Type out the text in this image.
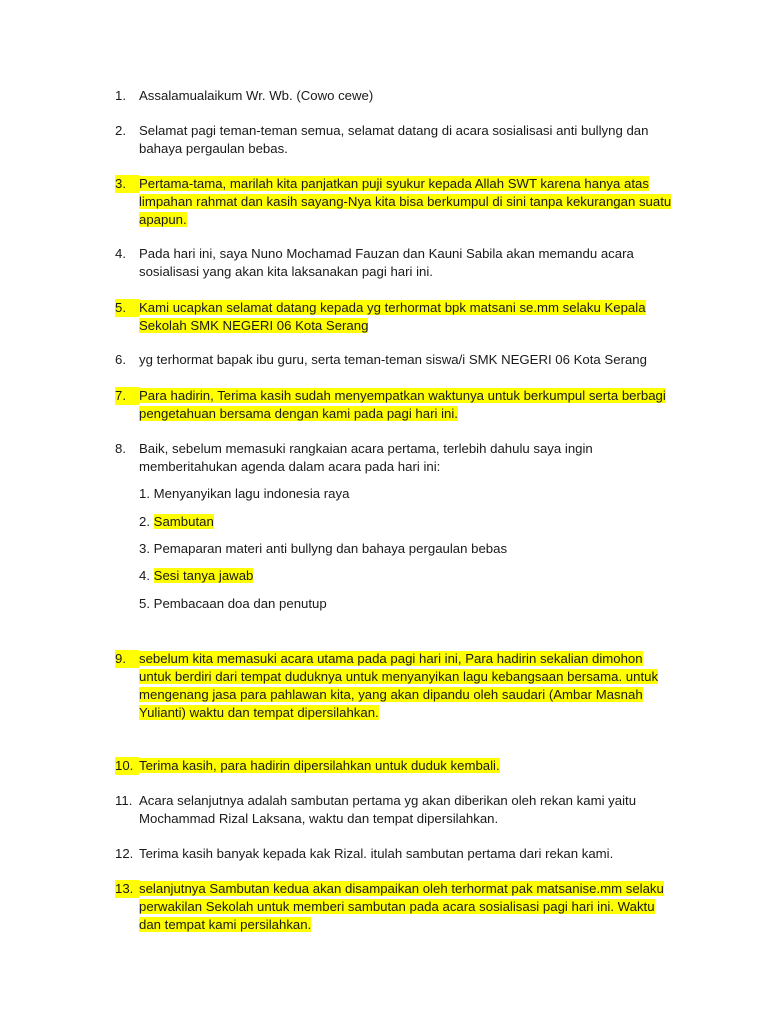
1. Assalamualaikum Wr. Wb. (Cowo cewe)
2. Selamat pagi teman-teman semua, selamat datang di acara sosialisasi anti bullyng dan bahaya pergaulan bebas.
3. Pertama-tama, marilah kita panjatkan puji syukur kepada Allah SWT karena hanya atas limpahan rahmat dan kasih sayang-Nya kita bisa berkumpul di sini tanpa kekurangan suatu apapun.
4. Pada hari ini, saya Nuno Mochamad Fauzan dan Kauni Sabila akan memandu acara sosialisasi yang akan kita laksanakan pagi hari ini.
5. Kami ucapkan selamat datang kepada yg terhormat bpk matsani se.mm selaku Kepala Sekolah SMK NEGERI 06 Kota Serang
6. yg terhormat bapak ibu guru, serta teman-teman siswa/i SMK NEGERI 06 Kota Serang
7. Para hadirin, Terima kasih sudah menyempatkan waktunya untuk berkumpul serta berbagi pengetahuan bersama dengan kami pada pagi hari ini.
8. Baik, sebelum memasuki rangkaian acara pertama, terlebih dahulu saya ingin memberitahukan agenda dalam acara pada hari ini:
1. Menyanyikan lagu indonesia raya
2. Sambutan
3. Pemaparan materi anti bullyng dan bahaya pergaulan bebas
4. Sesi tanya jawab
5. Pembacaan doa dan penutup
9. sebelum kita memasuki acara utama pada pagi hari ini, Para hadirin sekalian dimohon untuk berdiri dari tempat duduknya untuk menyanyikan lagu kebangsaan bersama. untuk mengenang jasa para pahlawan kita, yang akan dipandu oleh saudari (Ambar Masnah Yulianti) waktu dan tempat dipersilahkan.
10. Terima kasih, para hadirin dipersilahkan untuk duduk kembali.
11. Acara selanjutnya adalah sambutan pertama yg akan diberikan oleh rekan kami yaitu Mochammad Rizal Laksana, waktu dan tempat dipersilahkan.
12. Terima kasih banyak kepada kak Rizal. itulah sambutan pertama dari rekan kami.
13. selanjutnya Sambutan kedua akan disampaikan oleh terhormat pak matsanise.mm selaku perwakilan Sekolah untuk memberi sambutan pada acara sosialisasi pagi hari ini. Waktu dan tempat kami persilahkan.
